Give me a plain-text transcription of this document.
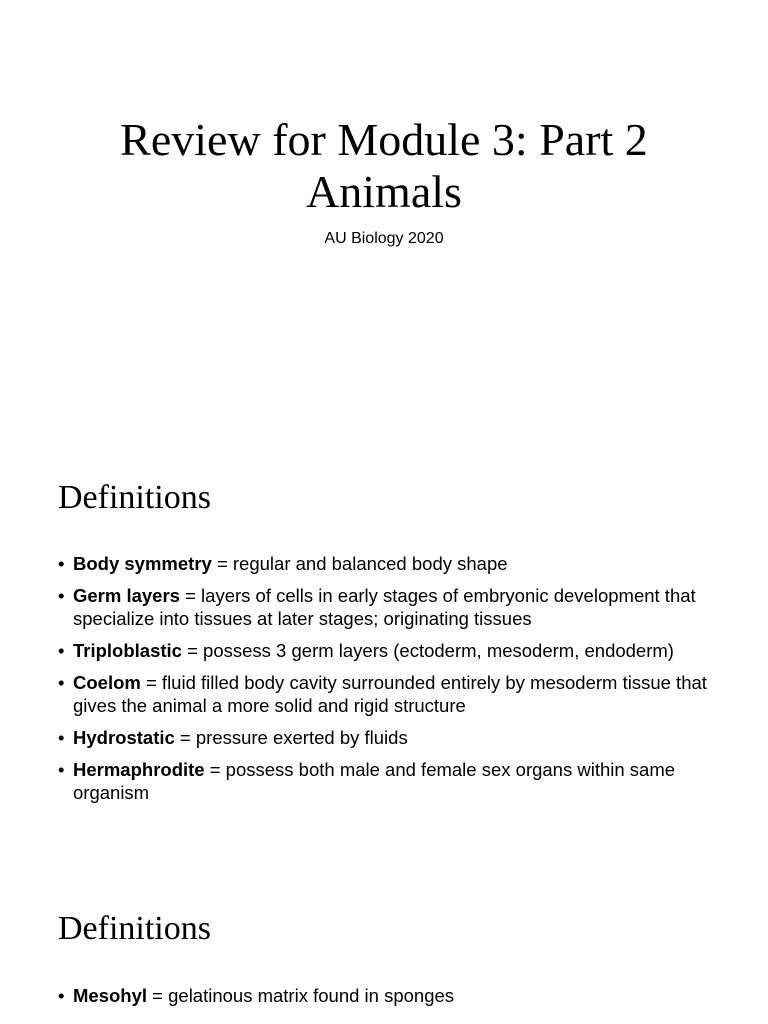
Review for Module 3: Part 2
Animals

AU Biology 2020

Definitions
• Body symmetry = regular and balanced body shape
• Germ layers = layers of cells in early stages of embryonic development that specialize into tissues at later stages; originating tissues
• Triploblastic = possess 3 germ layers (ectoderm, mesoderm, endoderm)
• Coelom = fluid filled body cavity surrounded entirely by mesoderm tissue that gives the animal a more solid and rigid structure
• Hydrostatic = pressure exerted by fluids
• Hermaphrodite = possess both male and female sex organs within same organism
Definitions
• Mesohyl = gelatinous matrix found in sponges
